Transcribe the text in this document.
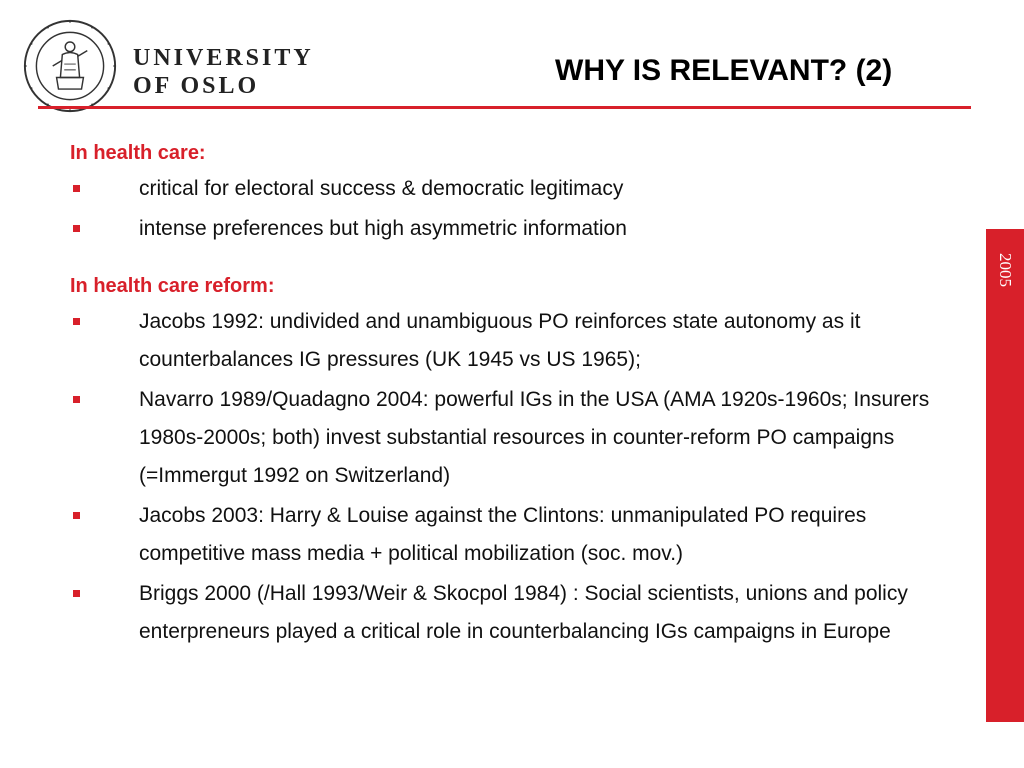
UNIVERSITY
OF OSLO	WHY IS RELEVANT? (2)
2005
In health care:
critical for electoral success & democratic legitimacy
intense preferences but high asymmetric information
In health care reform:
Jacobs 1992: undivided and unambiguous PO reinforces state autonomy as it counterbalances IG pressures (UK 1945 vs US 1965);
Navarro 1989/Quadagno 2004: powerful IGs in the USA (AMA 1920s-1960s; Insurers 1980s-2000s; both) invest substantial resources in counter-reform PO campaigns (=Immergut 1992 on Switzerland)
Jacobs 2003: Harry & Louise against the Clintons: unmanipulated PO requires competitive mass media + political mobilization (soc. mov.)
Briggs 2000 (/Hall 1993/Weir & Skocpol 1984) : Social scientists, unions and policy enterpreneurs played a critical role in counterbalancing IGs campaigns in Europe
